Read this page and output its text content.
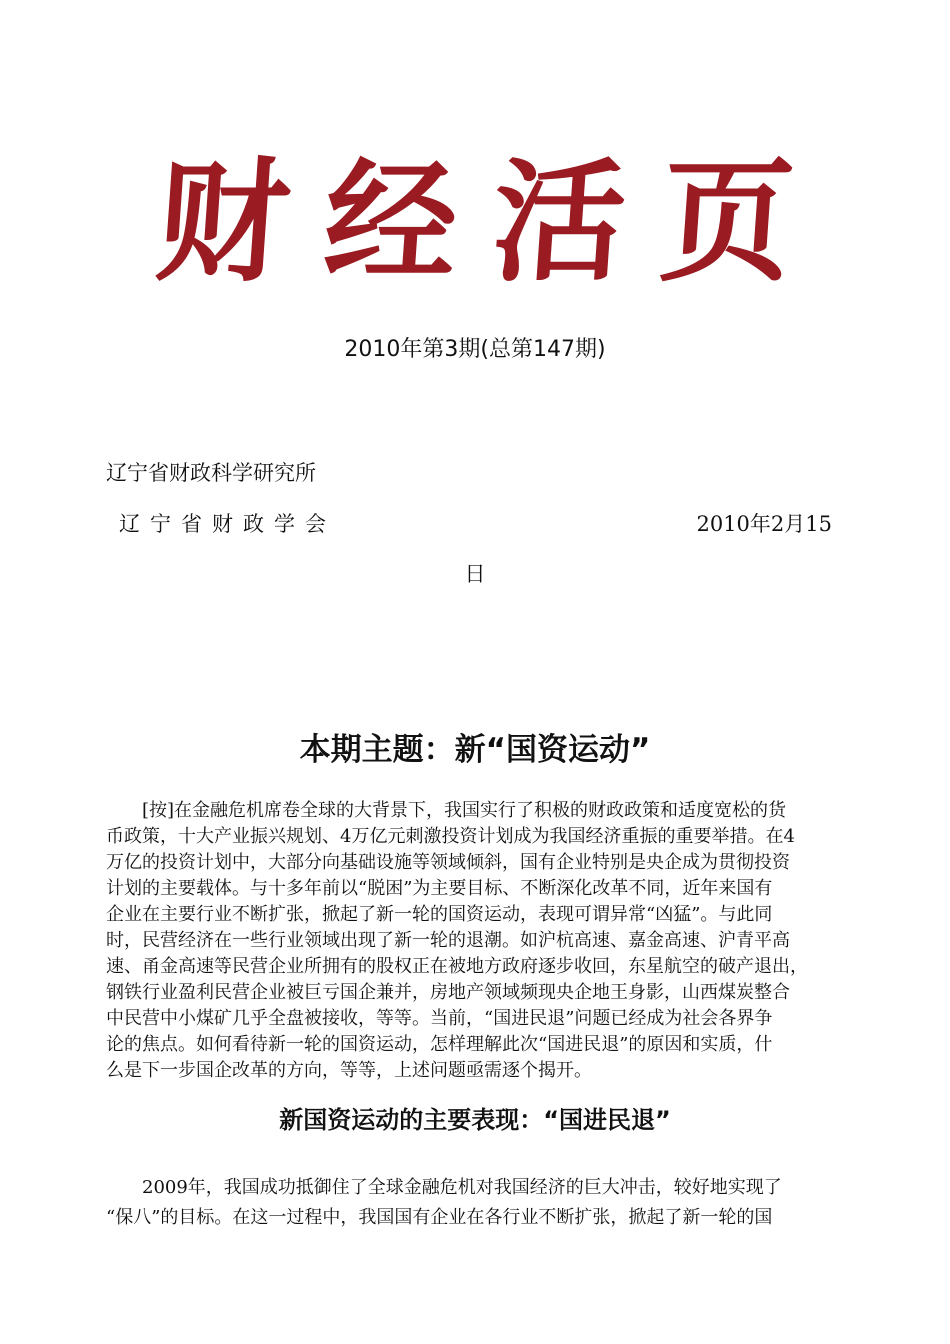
财经活页
2010年第3期(总第147期)
辽宁省财政科学研究所
辽宁省财政学会	2010年2月15
日
本期主题：新“国资运动”
　　[按]在金融危机席卷全球的大背景下，我国实行了积极的财政政策和适度宽松的货
币政策，十大产业振兴规划、4万亿元刺激投资计划成为我国经济重振的重要举措。在4
万亿的投资计划中，大部分向基础设施等领域倾斜，国有企业特别是央企成为贯彻投资
计划的主要载体。与十多年前以“脱困”为主要目标、不断深化改革不同，近年来国有
企业在主要行业不断扩张，掀起了新一轮的国资运动，表现可谓异常“凶猛”。与此同
时，民营经济在一些行业领域出现了新一轮的退潮。如沪杭高速、嘉金高速、沪青平高
速、甬金高速等民营企业所拥有的股权正在被地方政府逐步收回，东星航空的破产退出，
钢铁行业盈利民营企业被巨亏国企兼并，房地产领域频现央企地王身影，山西煤炭整合
中民营中小煤矿几乎全盘被接收，等等。当前，“国进民退”问题已经成为社会各界争
论的焦点。如何看待新一轮的国资运动，怎样理解此次“国进民退”的原因和实质，什
么是下一步国企改革的方向，等等，上述问题亟需逐个揭开。
新国资运动的主要表现：“国进民退”
　　2009年，我国成功抵御住了全球金融危机对我国经济的巨大冲击，较好地实现了
“保八”的目标。在这一过程中，我国国有企业在各行业不断扩张，掀起了新一轮的国
